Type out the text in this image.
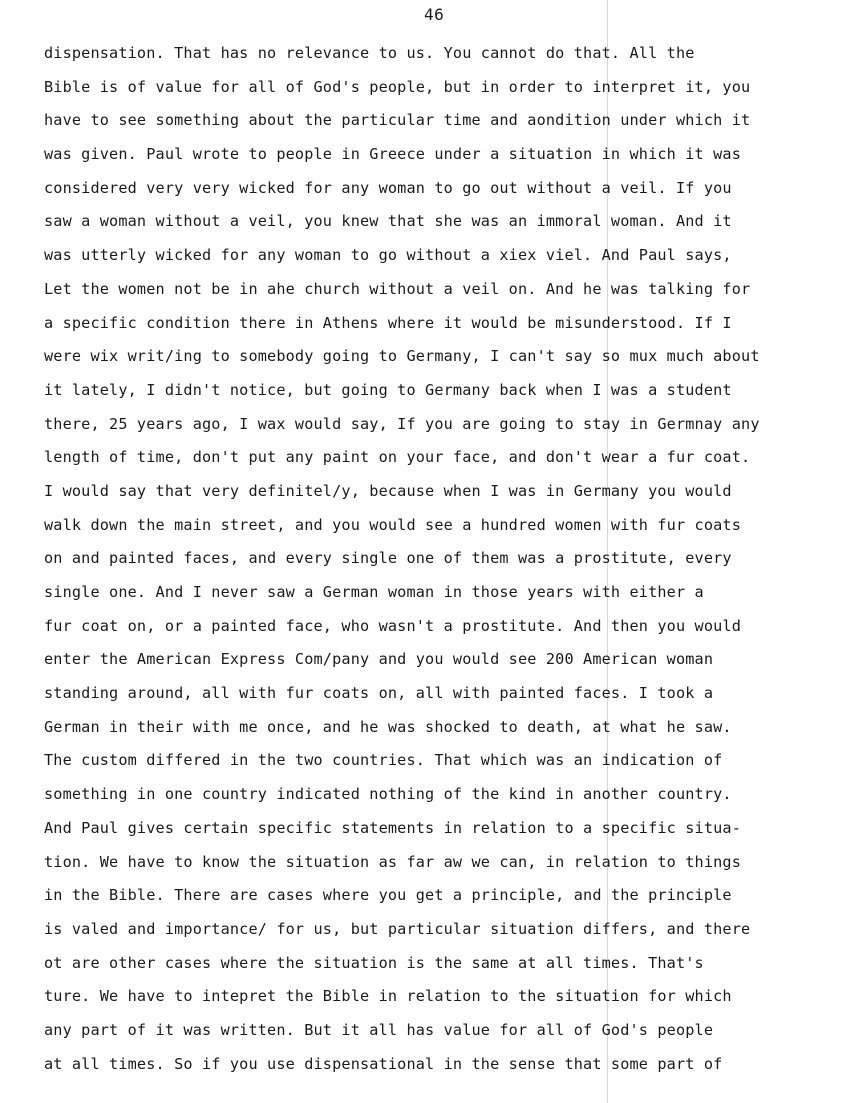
46
dispensation. That has no relevance to us. You cannot do that. All the
Bible is of value for all of God's people, but in order to interpret it, you
have to see something about the particular time and aondition under which it
was given. Paul wrote to people in Greece under a situation in which it was
considered very very wicked for any woman to go out without a veil. If you
saw a woman without a veil, you knew that she was an immoral woman. And it
was utterly wicked for any woman to go without a xiex viel. And Paul says,
Let the women not be in ahe church without a veil on. And he was talking for
a specific condition there in Athens where it would be misunderstood. If I
were wix writ/ing to somebody going to Germany, I can't say so mux much about
it lately, I didn't notice, but going to Germany back when I was a student
there, 25 years ago, I wax would say, If you are going to stay in Germnay any
length of time, don't put any paint on your face, and don't wear a fur coat.
I would say that very definitel/y, because when I was in Germany you would
walk down the main street, and you would see a hundred women with fur coats
on and painted faces, and every single one of them was a prostitute, every
single one. And I never saw a German woman in those years with either a
fur coat on, or a painted face, who wasn't a prostitute. And then you would
enter the American Express Com/pany and you would see 200 American woman
standing around, all with fur coats on, all with painted faces. I took a
German in their with me once, and he was shocked to death, at what he saw.
The custom differed in the two countries. That which was an indication of
something in one country indicated nothing of the kind in another country.
And Paul gives certain specific statements in relation to a specific situa-
tion. We have to know the situation as far aw we can, in relation to things
in the Bible. There are cases where you get a principle, and the principle
is valed and importance/ for us, but particular situation differs, and there
ot are other cases where the situation is the same at all times. That's
ture. We have to intepret the Bible in relation to the situation for which
any part of it was written. But it all has value for all of God's people
at all times. So if you use dispensational in the sense that some part of
